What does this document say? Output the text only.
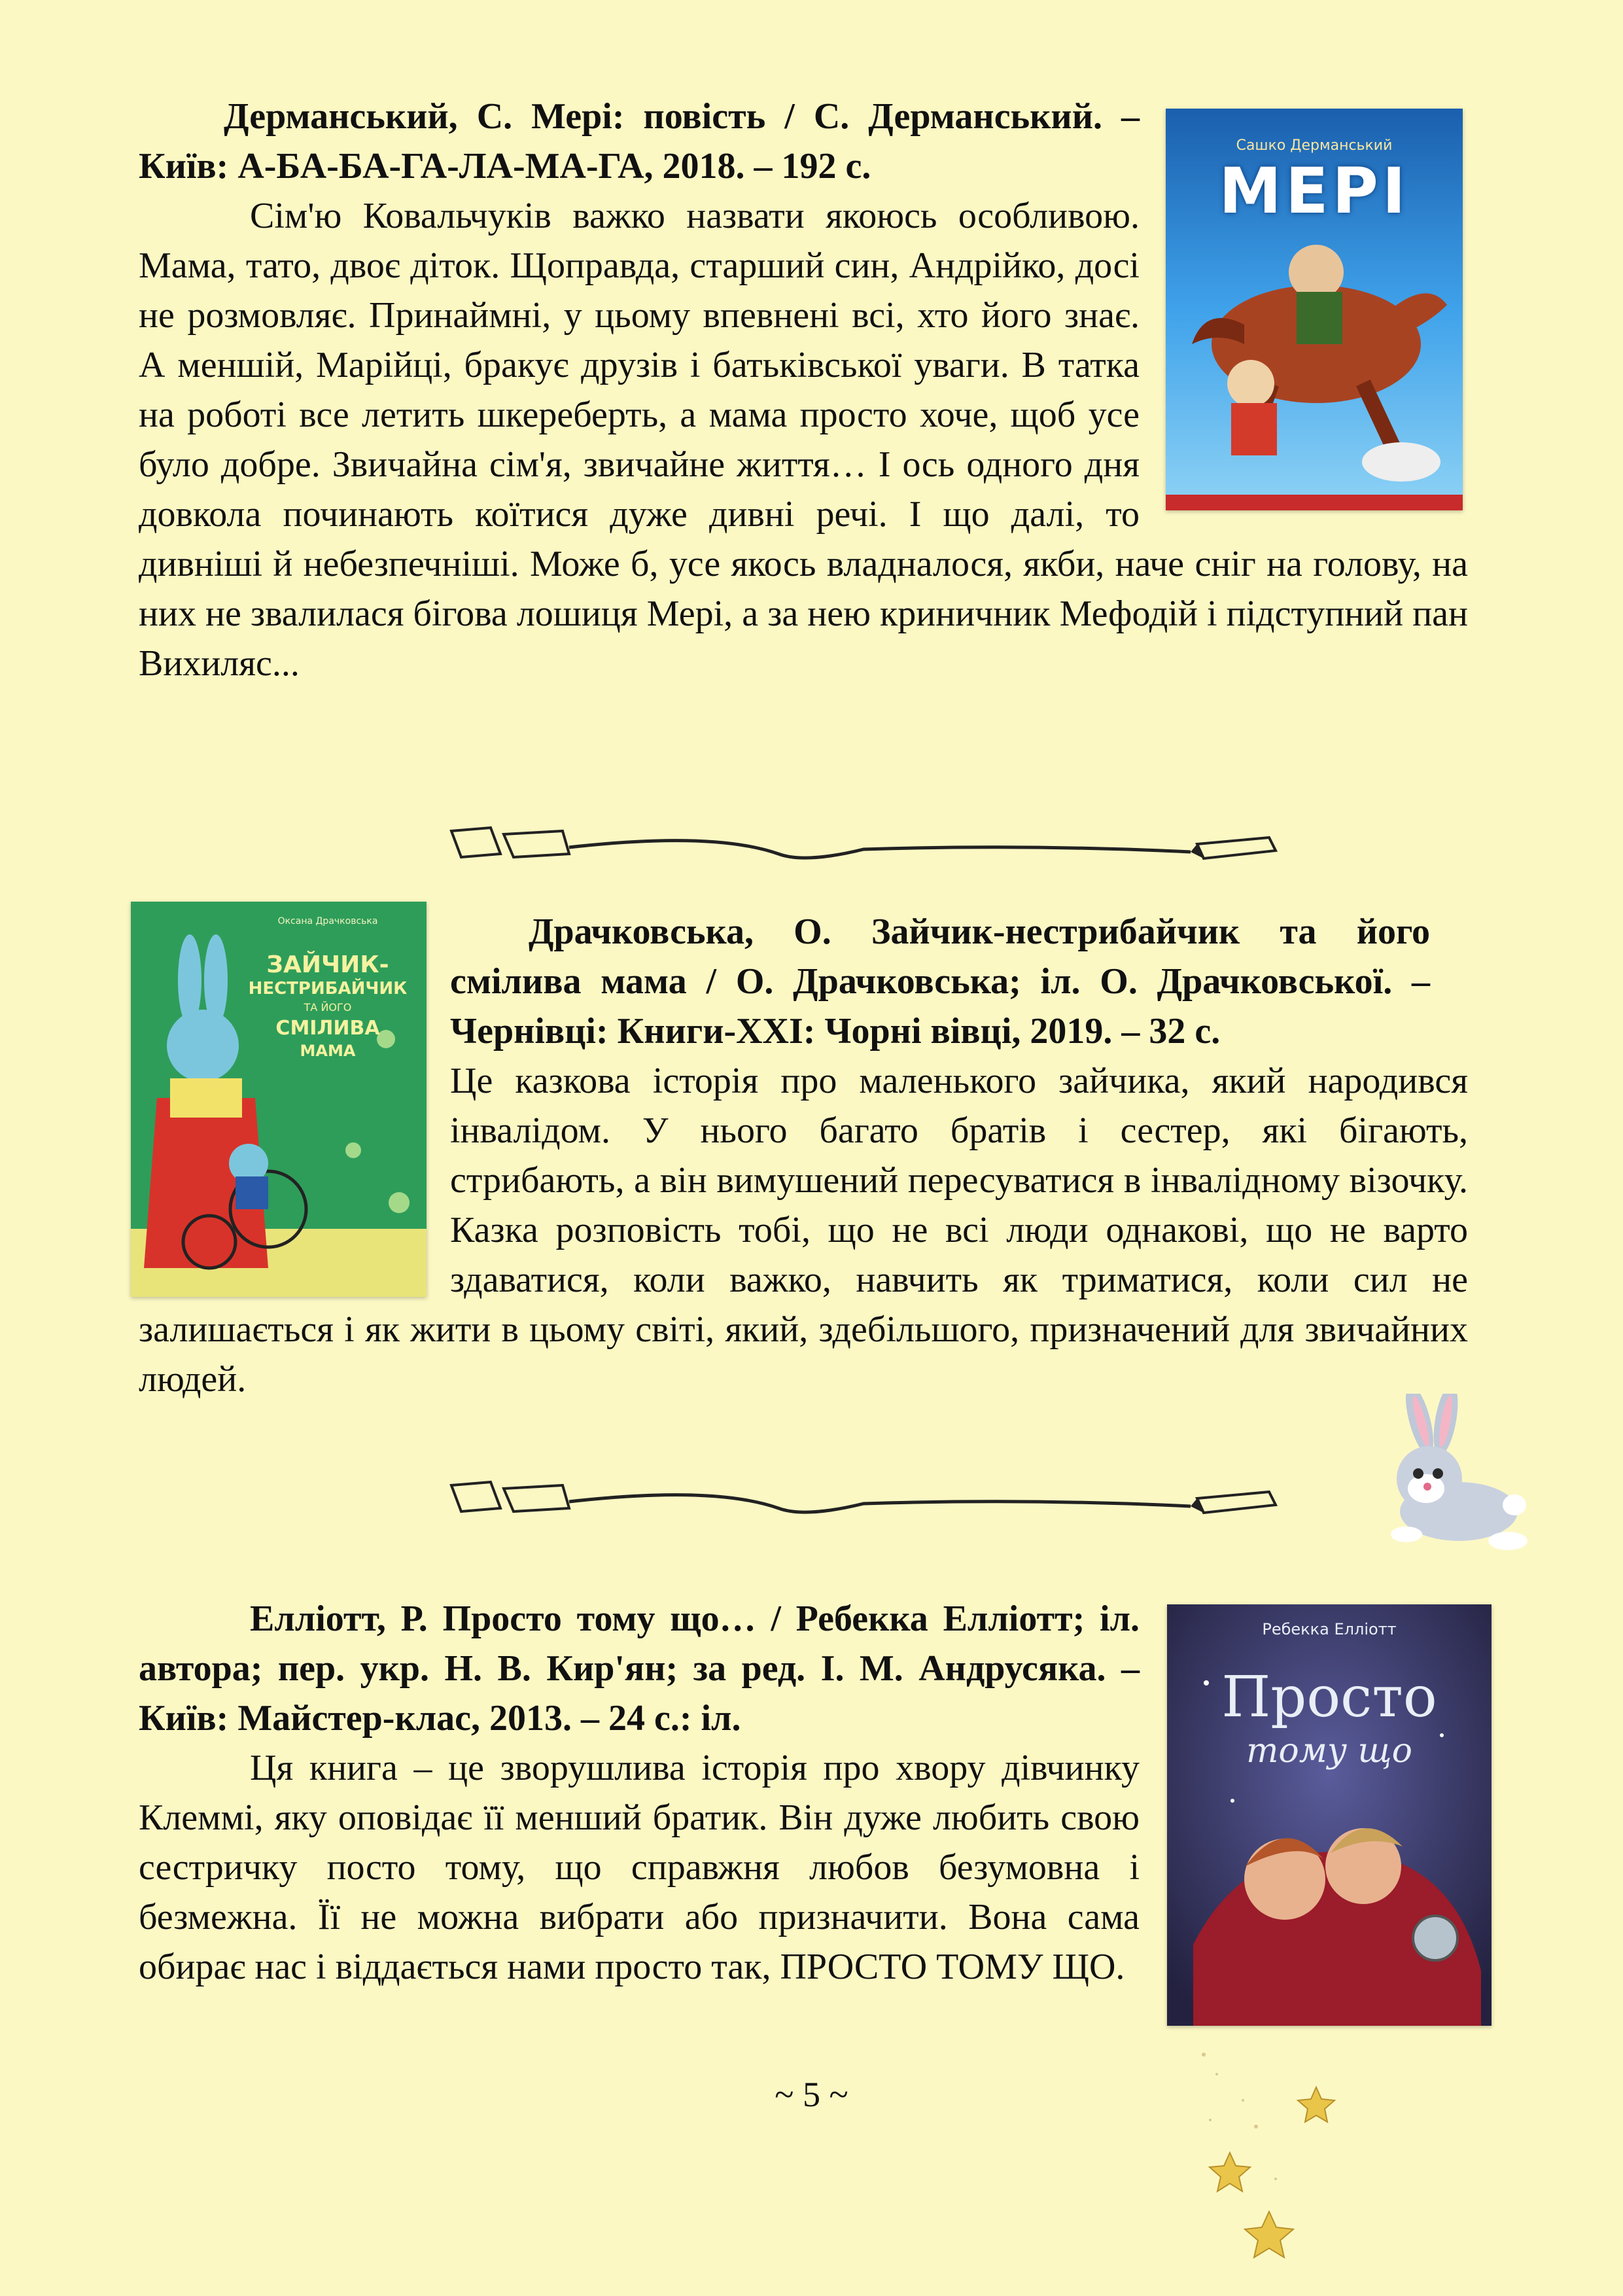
Дерманський, С. Мері: повість / С. Дерманський. – Київ: А-БА-БА-ГА-ЛА-МА-ГА, 2018. – 192 с.

Сім'ю Ковальчуків важко назвати якоюсь особливою. Мама, тато, двоє діток. Щоправда, старший син, Андрійко, досі не розмовляє. Принаймні, у цьому впевнені всі, хто його знає. А меншій, Марійці, бракує друзів і батьківської уваги. В татка на роботі все летить шкереберть, а мама просто хоче, щоб усе було добре. Звичайна сім'я, звичайне життя… І ось одного дня довкола починають коїтися дуже дивні речі. І що далі, то дивніші й небезпечніші. Може б, усе якось владналося, якби, наче сніг на голову, на них не звалилася бігова лошиця Мері, а за нею криничник Мефодій і підступний пан Вихиляс...

Сашко Дерманський
МЕРІ
Оксана Драчковська
ЗАЙЧИК-
НЕСТРИБАЙЧИК
ТА ЙОГО
СМІЛИВА
МАМА

Драчковська, О. Зайчик-нестрибайчик та його смілива мама / О. Драчковська; іл. О. Драчковської. – Чернівці: Книги-XXI: Чорні вівці, 2019. – 32 с.

Це казкова історія про маленького зайчика, який народився інвалідом. У нього багато братів і сестер, які бігають, стрибають, а він вимушений пересуватися в інвалідному візочку. Казка розповість тобі, що не всі люди однакові, що не варто здаватися, коли важко, навчить як триматися, коли сил не залишається і як жити в цьому світі, який, здебільшого, призначений для звичайних людей.

Еллiотт, Р. Просто тому що… / Ребекка Еллiотт; іл. автора; пер. укр. Н. В. Кир'ян; за ред. І. М. Андрусяка. – Київ: Майстер-клас, 2013. – 24 с.: іл.

Ця книга – це зворушлива історія про хвору дівчинку Клеммі, яку оповідає її менший братик. Він дуже любить свою сестричку посто тому, що справжня любов безумовна і безмежна. Її не можна вибрати або призначити. Вона сама обирає нас і віддається нами просто так, ПРОСТО ТОМУ ЩО.

Ребекка Елліотт
Просто
тому що
~ 5 ~
